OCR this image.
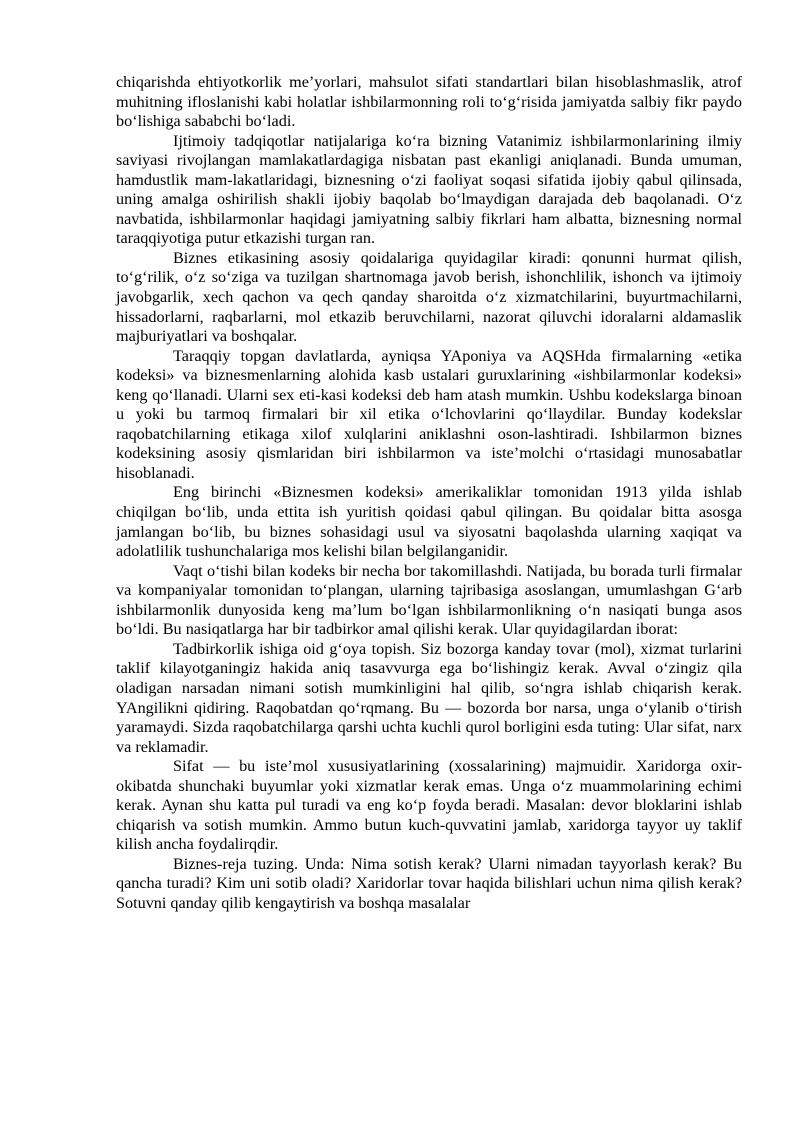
chiqarishda ehtiyotkorlik me’yorlari, mahsulot sifati standartlari bilan hisoblashmaslik, atrof muhitning ifloslanishi kabi holatlar ishbilarmonning roli to‘g‘risida jamiyatda salbiy fikr paydo bo‘lishiga sababchi bo‘ladi.

Ijtimoiy tadqiqotlar natijalariga ko‘ra bizning Vatanimiz ishbilarmonlarining ilmiy saviyasi rivojlangan mamlakatlardagiga nisbatan past ekanligi aniqlanadi. Bunda umuman, hamdustlik mam-lakatlaridagi, biznesning o‘zi faoliyat soqasi sifatida ijobiy qabul qilinsada, uning amalga oshirilish shakli ijobiy baqolab bo‘lmaydigan darajada deb baqolanadi. O‘z navbatida, ishbilarmonlar haqidagi jamiyatning salbiy fikrlari ham albatta, biznesning normal taraqqiyotiga putur etkazishi turgan ran.

Biznes etikasining asosiy qoidalariga quyidagilar kiradi: qonunni hurmat qilish, to‘g‘rilik, o‘z so‘ziga va tuzilgan shartnomaga javob berish, ishonchlilik, ishonch va ijtimoiy javobgarlik, xech qachon va qech qanday sharoitda o‘z xizmatchilarini, buyurtmachilarni, hissadorlarni, raqbarlarni, mol etkazib beruvchilarni, nazorat qiluvchi idoralarni aldamaslik majburiyatlari va boshqalar.

Taraqqiy topgan davlatlarda, ayniqsa YAponiya va AQSHda firmalarning «etika kodeksi» va biznesmenlarning alohida kasb ustalari guruxlarining «ishbilarmonlar kodeksi» keng qo‘llanadi. Ularni sex eti-kasi kodeksi deb ham atash mumkin. Ushbu kodekslarga binoan u yoki bu tarmoq firmalari bir xil etika o‘lchovlarini qo‘llaydilar. Bunday kodekslar raqobatchilarning etikaga xilof xulqlarini aniklashni oson-lashtiradi. Ishbilarmon biznes kodeksining asosiy qismlaridan biri ishbilarmon va iste’molchi o‘rtasidagi munosabatlar hisoblanadi.

Eng birinchi «Biznesmen kodeksi» amerikaliklar tomonidan 1913 yilda ishlab chiqilgan bo‘lib, unda ettita ish yuritish qoidasi qabul qilingan. Bu qoidalar bitta asosga jamlangan bo‘lib, bu biznes sohasidagi usul va siyosatni baqolashda ularning xaqiqat va adolatlilik tushunchalariga mos kelishi bilan belgilanganidir.

Vaqt o‘tishi bilan kodeks bir necha bor takomillashdi. Natijada, bu borada turli firmalar va kompaniyalar tomonidan to‘plangan, ularning tajribasiga asoslangan, umumlashgan G‘arb ishbilarmonlik dunyosida keng ma’lum bo‘lgan ishbilarmonlikning o‘n nasiqati bunga asos bo‘ldi. Bu nasiqatlarga har bir tadbirkor amal qilishi kerak. Ular quyidagilardan iborat:

Tadbirkorlik ishiga oid g‘oya topish. Siz bozorga kanday tovar (mol), xizmat turlarini taklif kilayotganingiz hakida aniq tasavvurga ega bo‘lishingiz kerak. Avval o‘zingiz qila oladigan narsadan nimani sotish mumkinligini hal qilib, so‘ngra ishlab chiqarish kerak. YAngilikni qidiring. Raqobatdan qo‘rqmang. Bu — bozorda bor narsa, unga o‘ylanib o‘tirish yaramaydi. Sizda raqobatchilarga qarshi uchta kuchli qurol borligini esda tuting: Ular sifat, narx va reklamadir.

Sifat — bu iste’mol xususiyatlarining (xossalarining) majmuidir. Xaridorga oxir-okibatda shunchaki buyumlar yoki xizmatlar kerak emas. Unga o‘z muammolarining echimi kerak. Aynan shu katta pul turadi va eng ko‘p foyda beradi. Masalan: devor bloklarini ishlab chiqarish va sotish mumkin. Ammo butun kuch-quvvatini jamlab, xaridorga tayyor uy taklif kilish ancha foydalirqdir.

Biznes-reja tuzing. Unda: Nima sotish kerak? Ularni nimadan tayyorlash kerak? Bu qancha turadi? Kim uni sotib oladi? Xaridorlar tovar haqida bilishlari uchun nima qilish kerak? Sotuvni qanday qilib kengaytirish va boshqa masalalar
